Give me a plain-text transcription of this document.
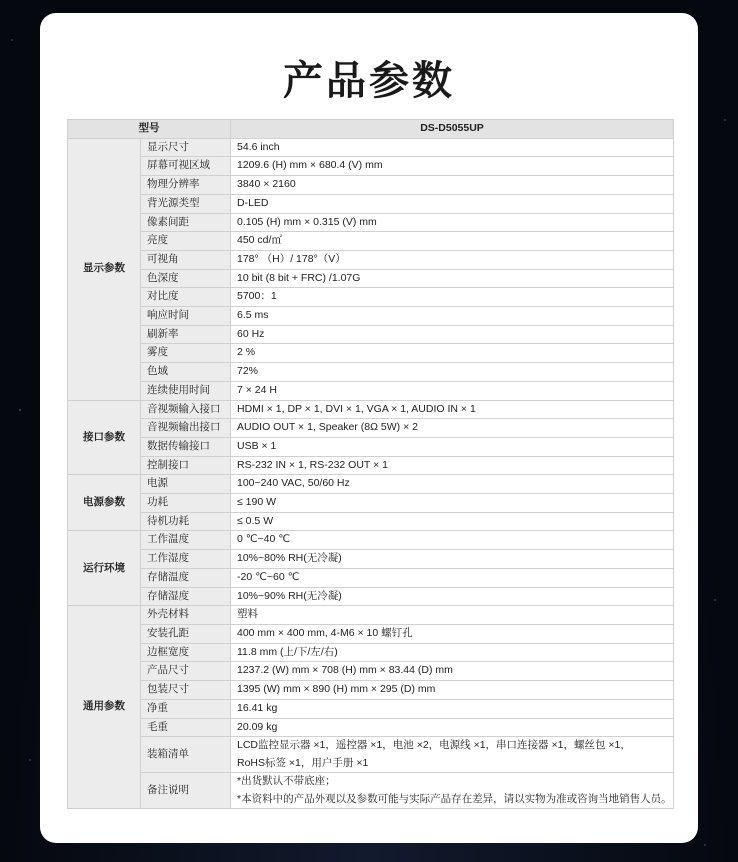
产品参数
型号		DS-D5055UP
显示参数	显示尺寸	54.6 inch
	屏幕可视区域	1209.6 (H) mm × 680.4 (V) mm
	物理分辨率	3840 × 2160
	背光源类型	D-LED
	像素间距	0.105 (H) mm × 0.315 (V) mm
	亮度	450 cd/㎡
	可视角	178° （H）/ 178°（V）
	色深度	10 bit (8 bit + FRC) /1.07G
	对比度	5700：1
	响应时间	6.5 ms
	刷新率	60 Hz
	雾度	2 %
	色域	72%
	连续使用时间	7 × 24 H
接口参数	音视频输入接口	HDMI × 1, DP × 1, DVI × 1, VGA × 1, AUDIO IN × 1
	音视频输出接口	AUDIO OUT × 1, Speaker (8Ω 5W) × 2
	数据传输接口	USB × 1
	控制接口	RS-232 IN × 1, RS-232 OUT × 1
电源参数	电源	100~240 VAC, 50/60 Hz
	功耗	≤ 190 W
	待机功耗	≤ 0.5 W
运行环境	工作温度	0 ℃~40 ℃
	工作湿度	10%~80% RH(无冷凝)
	存储温度	-20 ℃~60 ℃
	存储湿度	10%~90% RH(无冷凝)
通用参数	外壳材料	塑料
	安装孔距	400 mm × 400 mm, 4-M6 × 10 螺钉孔
	边框宽度	11.8 mm (上/下/左/右)
	产品尺寸	1237.2 (W) mm × 708 (H) mm × 83.44 (D) mm
	包装尺寸	1395 (W) mm × 890 (H) mm × 295 (D) mm
	净重	16.41 kg
	毛重	20.09 kg
	装箱清单	LCD监控显示器 ×1，遥控器 ×1，电池 ×2，电源线 ×1，串口连接器 ×1，螺丝包 ×1，
RoHS标签 ×1，用户手册 ×1

	备注说明	*出货默认不带底座；
*本资料中的产品外观以及参数可能与实际产品存在差异，请以实物为准或咨询当地销售人员。
